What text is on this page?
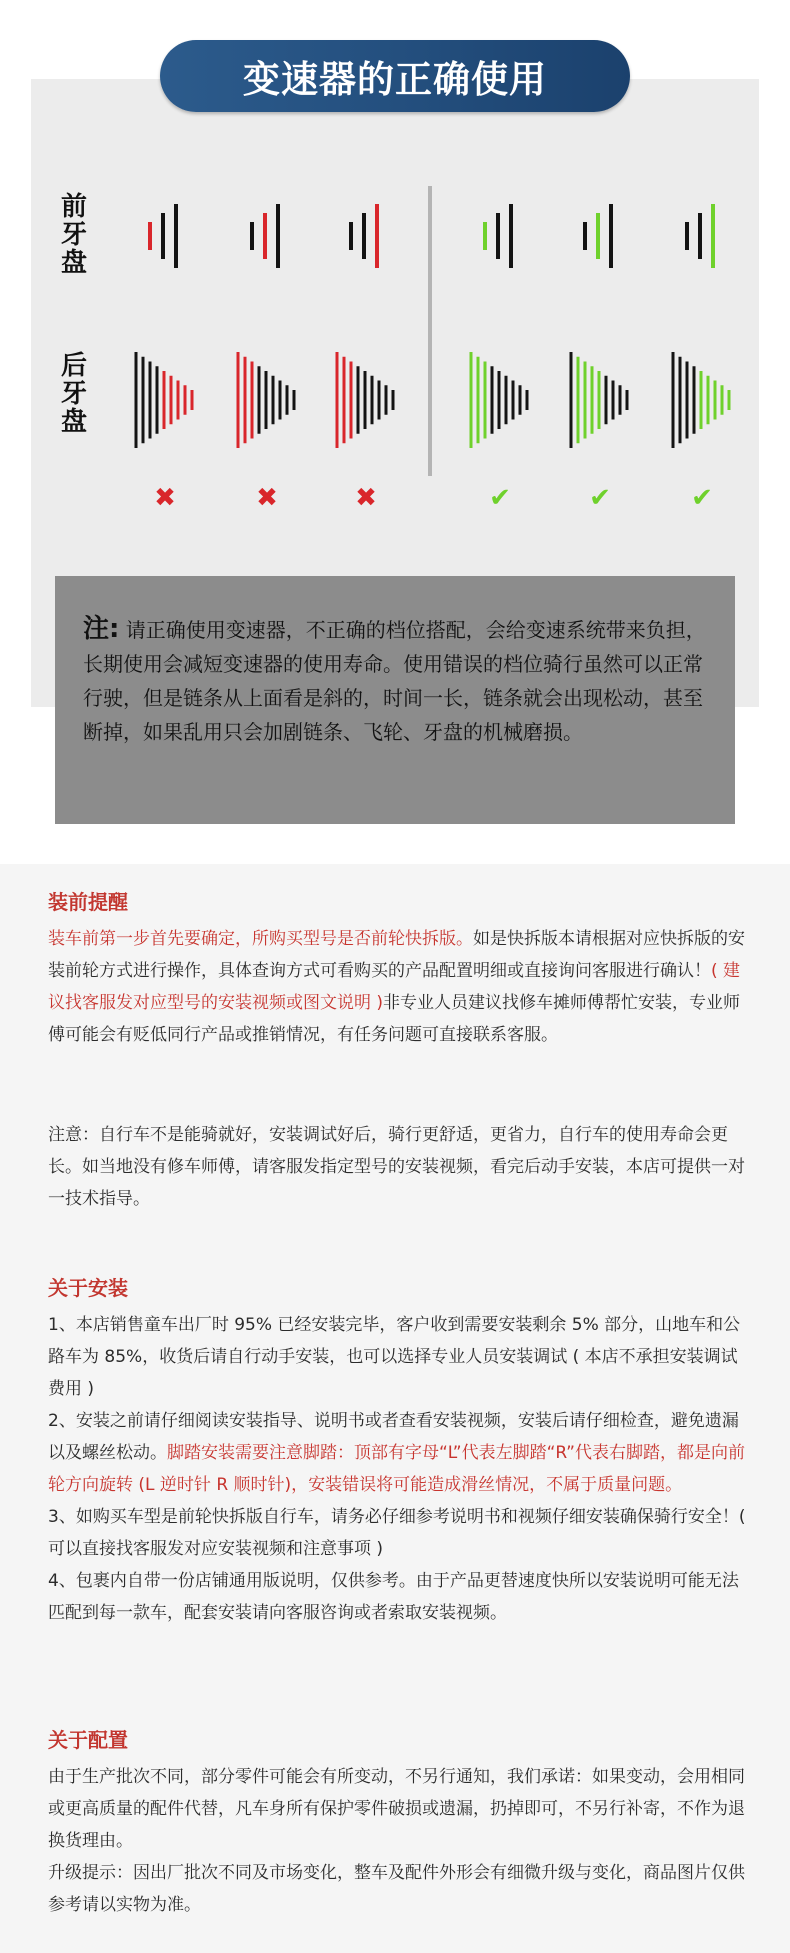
变速器的正确使用
前牙盘
后牙盘
✖	✖	✖	✔	✔	✔
注: 请正确使用变速器，不正确的档位搭配，会给变速系统带来负担，长期使用会减短变速器的使用寿命。使用错误的档位骑行虽然可以正常行驶，但是链条从上面看是斜的，时间一长，链条就会出现松动，甚至断掉，如果乱用只会加剧链条、飞轮、牙盘的机械磨损。
装前提醒
装车前第一步首先要确定，所购买型号是否前轮快拆版。如是快拆版本请根据对应快拆版的安装前轮方式进行操作，具体查询方式可看购买的产品配置明细或直接询问客服进行确认！( 建议找客服发对应型号的安装视频或图文说明 )非专业人员建议找修车摊师傅帮忙安装，专业师傅可能会有贬低同行产品或推销情况，有任务问题可直接联系客服。
注意：自行车不是能骑就好，安装调试好后，骑行更舒适，更省力，自行车的使用寿命会更长。如当地没有修车师傅，请客服发指定型号的安装视频，看完后动手安装，本店可提供一对一技术指导。
关于安装

1、本店销售童车出厂时 95% 已经安装完毕，客户收到需要安装剩余 5% 部分，山地车和公路车为 85%，收货后请自行动手安装，也可以选择专业人员安装调试 ( 本店不承担安装调试费用 )

2、安装之前请仔细阅读安装指导、说明书或者查看安装视频，安装后请仔细检查，避免遗漏以及螺丝松动。脚踏安装需要注意脚踏：顶部有字母“L”代表左脚踏“R”代表右脚踏，都是向前轮方向旋转 (L 逆时针 R 顺时针)，安装错误将可能造成滑丝情况，不属于质量问题。

3、如购买车型是前轮快拆版自行车，请务必仔细参考说明书和视频仔细安装确保骑行安全！( 可以直接找客服发对应安装视频和注意事项 )

4、包裹内自带一份店铺通用版说明，仅供参考。由于产品更替速度快所以安装说明可能无法匹配到每一款车，配套安装请向客服咨询或者索取安装视频。

关于配置

由于生产批次不同，部分零件可能会有所变动，不另行通知，我们承诺：如果变动，会用相同或更高质量的配件代替，凡车身所有保护零件破损或遗漏，扔掉即可，不另行补寄，不作为退换货理由。

升级提示：因出厂批次不同及市场变化，整车及配件外形会有细微升级与变化，商品图片仅供参考请以实物为准。
